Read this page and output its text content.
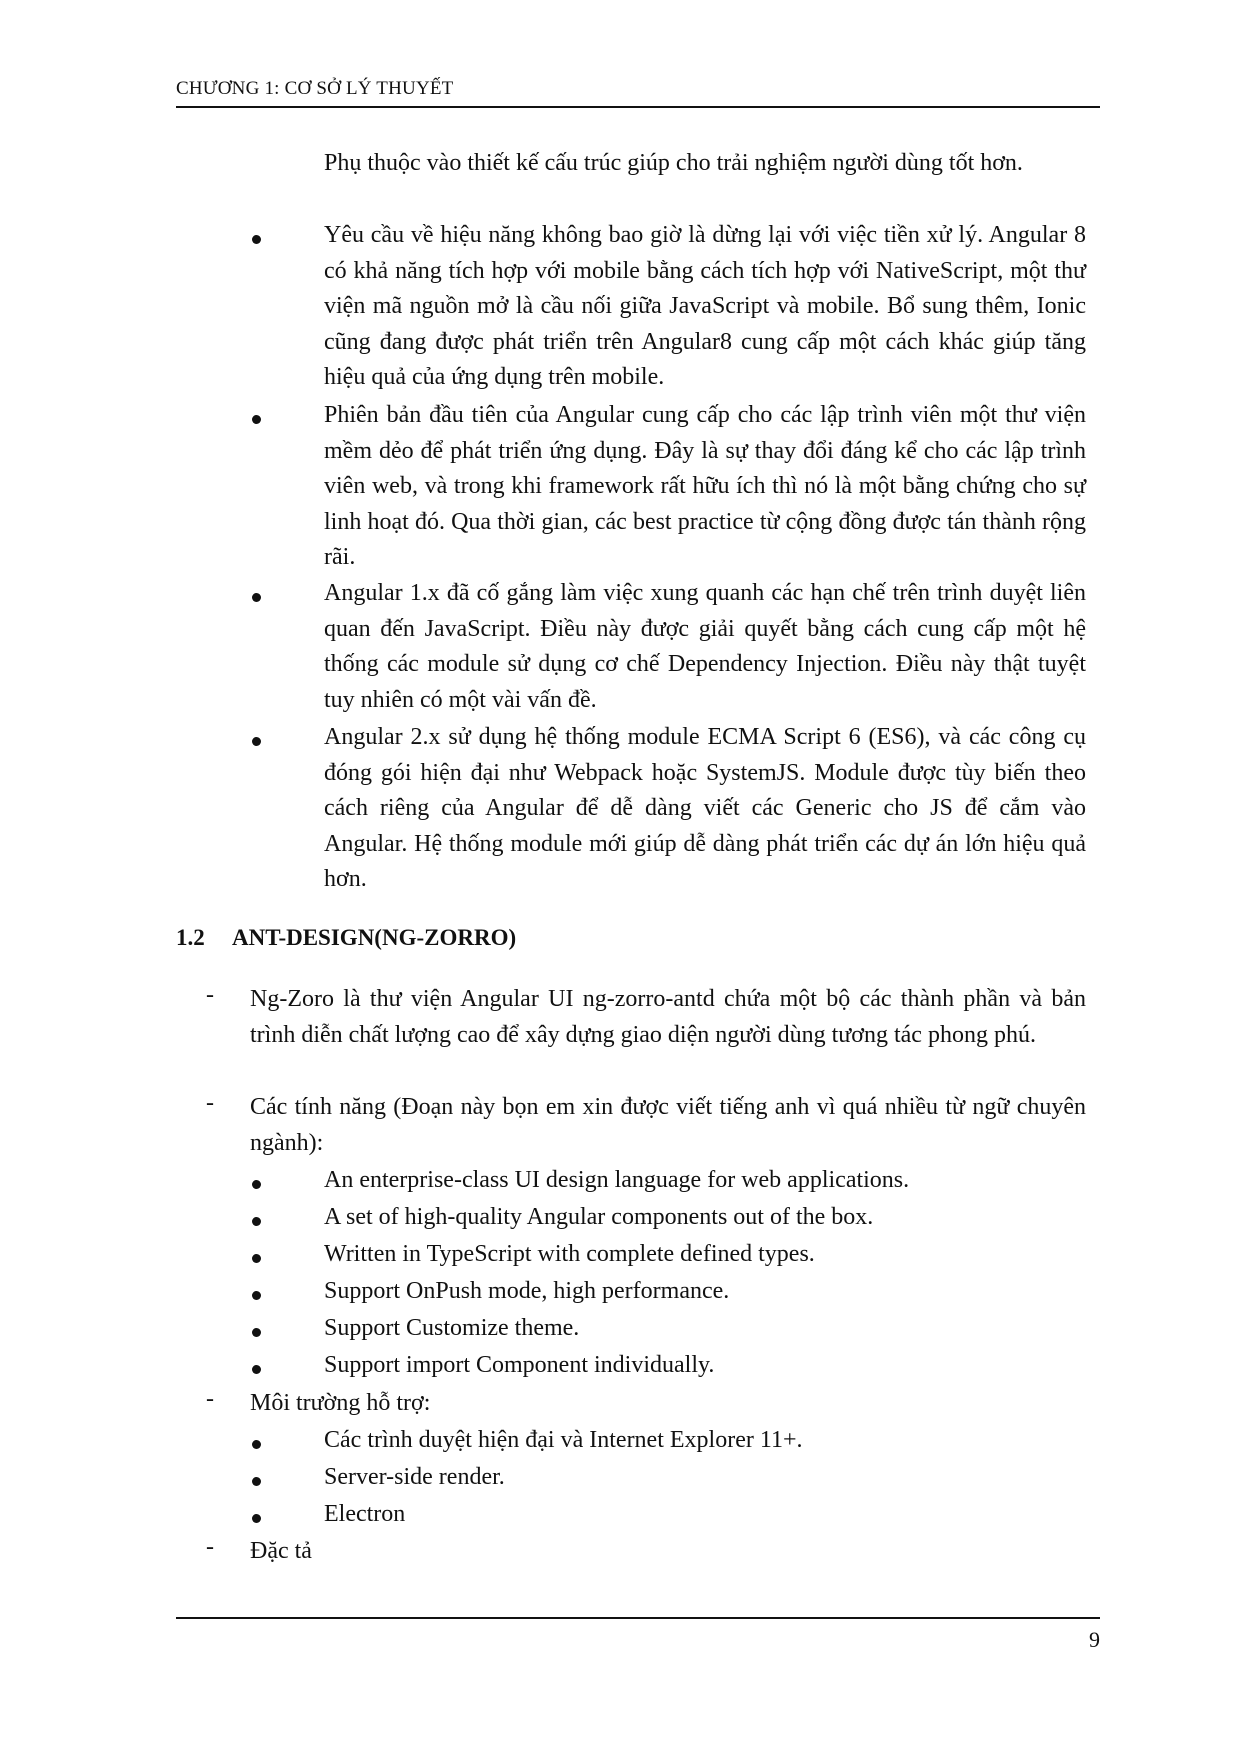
CHƯƠNG 1: CƠ SỞ LÝ THUYẾT
Phụ thuộc vào thiết kế cấu trúc giúp cho trải nghiệm người dùng tốt hơn.
Yêu cầu về hiệu năng không bao giờ là dừng lại với việc tiền xử lý. Angular 8 có khả năng tích hợp với mobile bằng cách tích hợp với NativeScript, một thư viện mã nguồn mở là cầu nối giữa JavaScript và mobile. Bổ sung thêm, Ionic cũng đang được phát triển trên Angular8 cung cấp một cách khác giúp tăng hiệu quả của ứng dụng trên mobile.
Phiên bản đầu tiên của Angular cung cấp cho các lập trình viên một thư viện mềm dẻo để phát triển ứng dụng. Đây là sự thay đổi đáng kể cho các lập trình viên web, và trong khi framework rất hữu ích thì nó là một bằng chứng cho sự linh hoạt đó. Qua thời gian, các best practice từ cộng đồng được tán thành rộng rãi.
Angular 1.x đã cố gắng làm việc xung quanh các hạn chế trên trình duyệt liên quan đến JavaScript. Điều này được giải quyết bằng cách cung cấp một hệ thống các module sử dụng cơ chế Dependency Injection. Điều này thật tuyệt tuy nhiên có một vài vấn đề.
Angular 2.x sử dụng hệ thống module ECMA Script 6 (ES6), và các công cụ đóng gói hiện đại như Webpack hoặc SystemJS. Module được tùy biến theo cách riêng của Angular để dễ dàng viết các Generic cho JS để cắm vào Angular. Hệ thống module mới giúp dễ dàng phát triển các dự án lớn hiệu quả hơn.
1.2 ANT-DESIGN(NG-ZORRO)
- Ng-Zoro là thư viện Angular UI ng-zorro-antd chứa một bộ các thành phần và bản trình diễn chất lượng cao để xây dựng giao diện người dùng tương tác phong phú.
- Các tính năng (Đoạn này bọn em xin được viết tiếng anh vì quá nhiều từ ngữ chuyên ngành):
An enterprise-class UI design language for web applications.
A set of high-quality Angular components out of the box.
Written in TypeScript with complete defined types.
Support OnPush mode, high performance.
Support Customize theme.
Support import Component individually.
- Môi trường hỗ trợ:
Các trình duyệt hiện đại và Internet Explorer 11+.
Server-side render.
Electron
- Đặc tả
9
